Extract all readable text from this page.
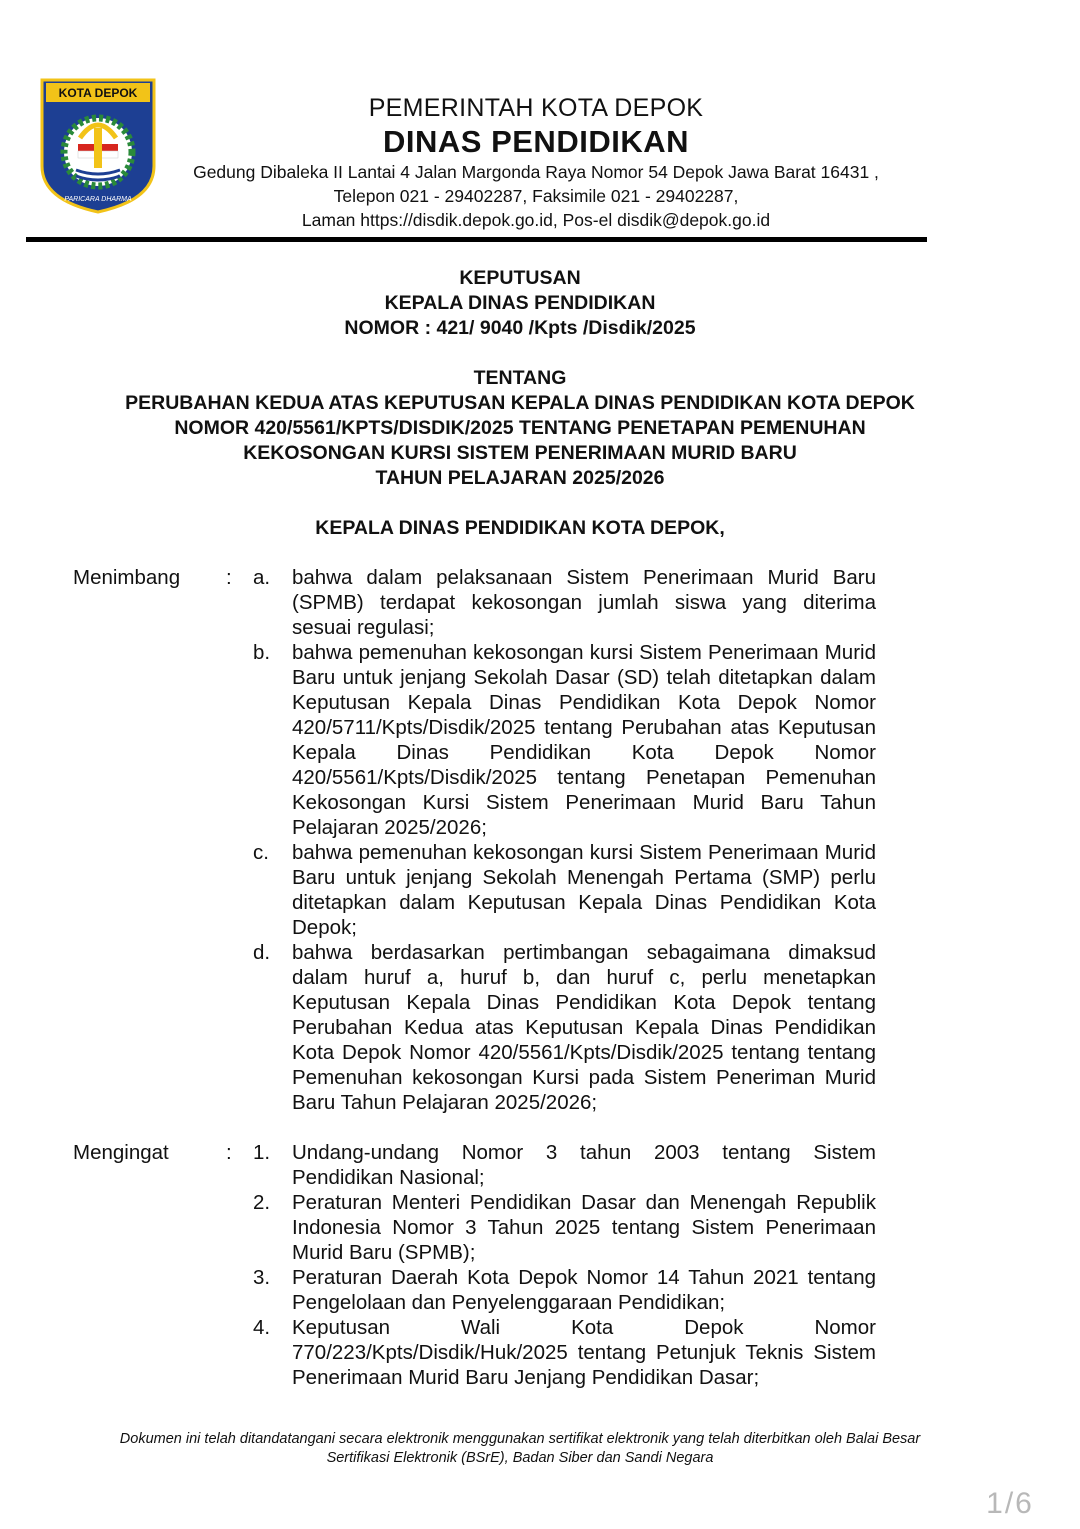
KOTA DEPOK
PARICARA DHARMA
PEMERINTAH KOTA DEPOK
DINAS PENDIDIKAN
Gedung Dibaleka II Lantai 4 Jalan Margonda Raya Nomor 54 Depok Jawa Barat 16431 ,
Telepon 021 - 29402287, Faksimile 021 - 29402287,
Laman https://disdik.depok.go.id, Pos-el disdik@depok.go.id
KEPUTUSAN
KEPALA DINAS PENDIDIKAN
NOMOR : 421/ 9040 /Kpts /Disdik/2025
TENTANG
PERUBAHAN KEDUA ATAS KEPUTUSAN KEPALA DINAS PENDIDIKAN KOTA DEPOK
NOMOR 420/5561/KPTS/DISDIK/2025 TENTANG PENETAPAN PEMENUHAN
KEKOSONGAN KURSI SISTEM PENERIMAAN MURID BARU
TAHUN PELAJARAN 2025/2026
KEPALA DINAS PENDIDIKAN KOTA DEPOK,
Menimbang : a.	bahwa dalam pelaksanaan Sistem Penerimaan Murid Baru (SPMB) terdapat kekosongan jumlah siswa yang diterima sesuai regulasi;
b.	bahwa pemenuhan kekosongan kursi Sistem Penerimaan Murid Baru untuk jenjang Sekolah Dasar (SD) telah ditetapkan dalam Keputusan Kepala Dinas Pendidikan Kota Depok Nomor 420/5711/Kpts/Disdik/2025 tentang Perubahan atas Keputusan Kepala Dinas Pendidikan Kota Depok Nomor 420/5561/Kpts/Disdik/2025 tentang Penetapan Pemenuhan Kekosongan Kursi Sistem Penerimaan Murid Baru Tahun Pelajaran 2025/2026;
c.	bahwa pemenuhan kekosongan kursi Sistem Penerimaan Murid Baru untuk jenjang Sekolah Menengah Pertama (SMP) perlu ditetapkan dalam Keputusan Kepala Dinas Pendidikan Kota Depok;
d.	bahwa berdasarkan pertimbangan sebagaimana dimaksud dalam huruf a, huruf b, dan huruf c, perlu menetapkan Keputusan Kepala Dinas Pendidikan Kota Depok tentang Perubahan Kedua atas Keputusan Kepala Dinas Pendidikan Kota Depok Nomor 420/5561/Kpts/Disdik/2025 tentang tentang Pemenuhan kekosongan Kursi pada Sistem Peneriman Murid Baru Tahun Pelajaran 2025/2026;
Mengingat	: 1.	Undang-undang Nomor 3 tahun 2003 tentang Sistem Pendidikan Nasional;
2.	Peraturan Menteri Pendidikan Dasar dan Menengah Republik Indonesia Nomor 3 Tahun 2025 tentang Sistem Penerimaan Murid Baru (SPMB);
3.	Peraturan Daerah Kota Depok Nomor 14 Tahun 2021 tentang Pengelolaan dan Penyelenggaraan Pendidikan;
4.	Keputusan Wali Kota Depok Nomor 770/223/Kpts/Disdik/Huk/2025 tentang Petunjuk Teknis Sistem Penerimaan Murid Baru Jenjang Pendidikan Dasar;
Dokumen ini telah ditandatangani secara elektronik menggunakan sertifikat elektronik yang telah diterbitkan oleh Balai Besar
Sertifikasi Elektronik (BSrE), Badan Siber dan Sandi Negara
1/6
